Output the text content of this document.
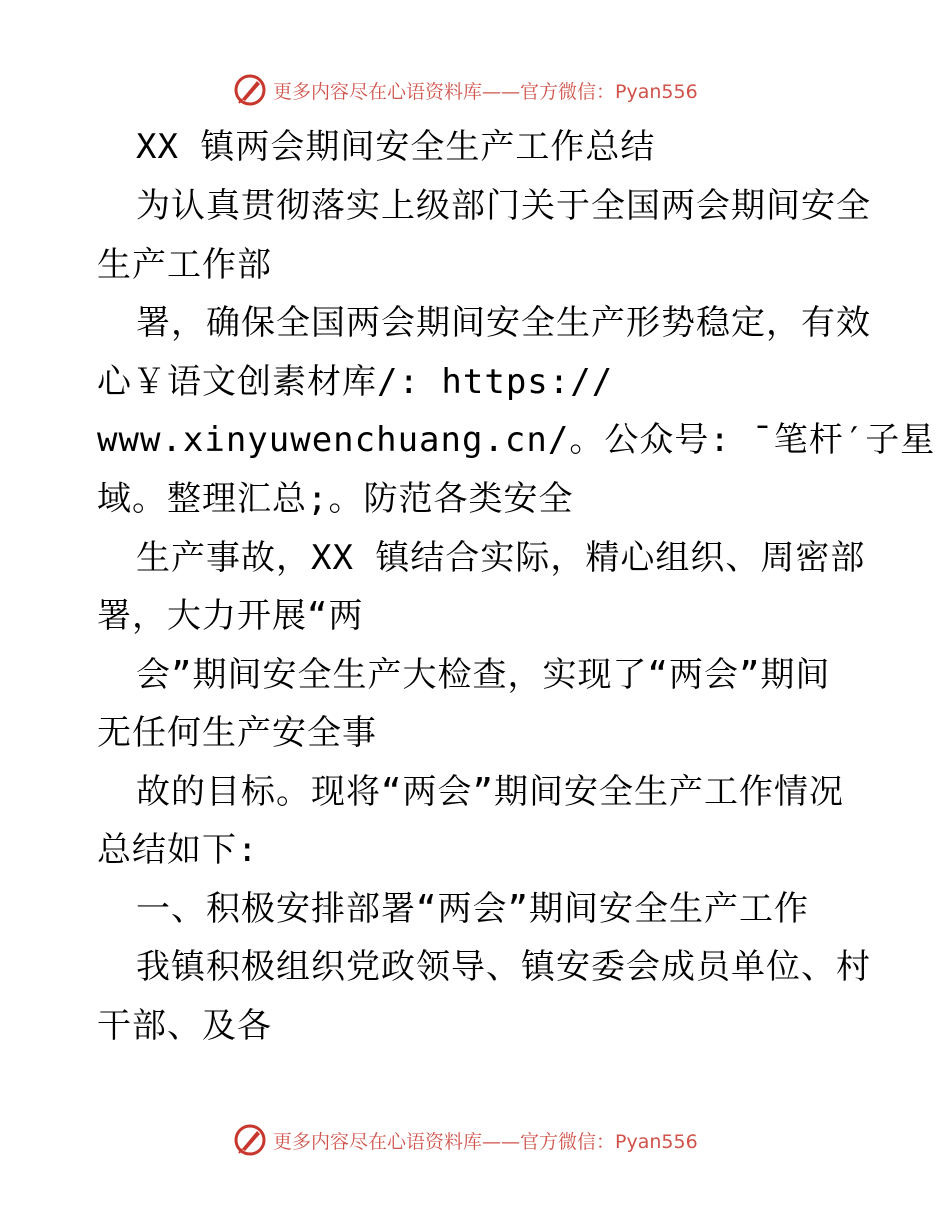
更多内容尽在心语资料库——官方微信：Pyan556
XX 镇两会期间安全生产工作总结
为认真贯彻落实上级部门关于全国两会期间安全
生产工作部
署，确保全国两会期间安全生产形势稳定，有效
心￥语文创素材库/: https://
www.xinyuwenchuang.cn/。公众号: ¯笔杆′子星
域。整理汇总;。防范各类安全
生产事故，XX 镇结合实际，精心组织、周密部
署，大力开展“两
会”期间安全生产大检查，实现了“两会”期间
无任何生产安全事
故的目标。现将“两会”期间安全生产工作情况
总结如下:
一、积极安排部署“两会”期间安全生产工作
我镇积极组织党政领导、镇安委会成员单位、村
干部、及各
更多内容尽在心语资料库——官方微信：Pyan556
